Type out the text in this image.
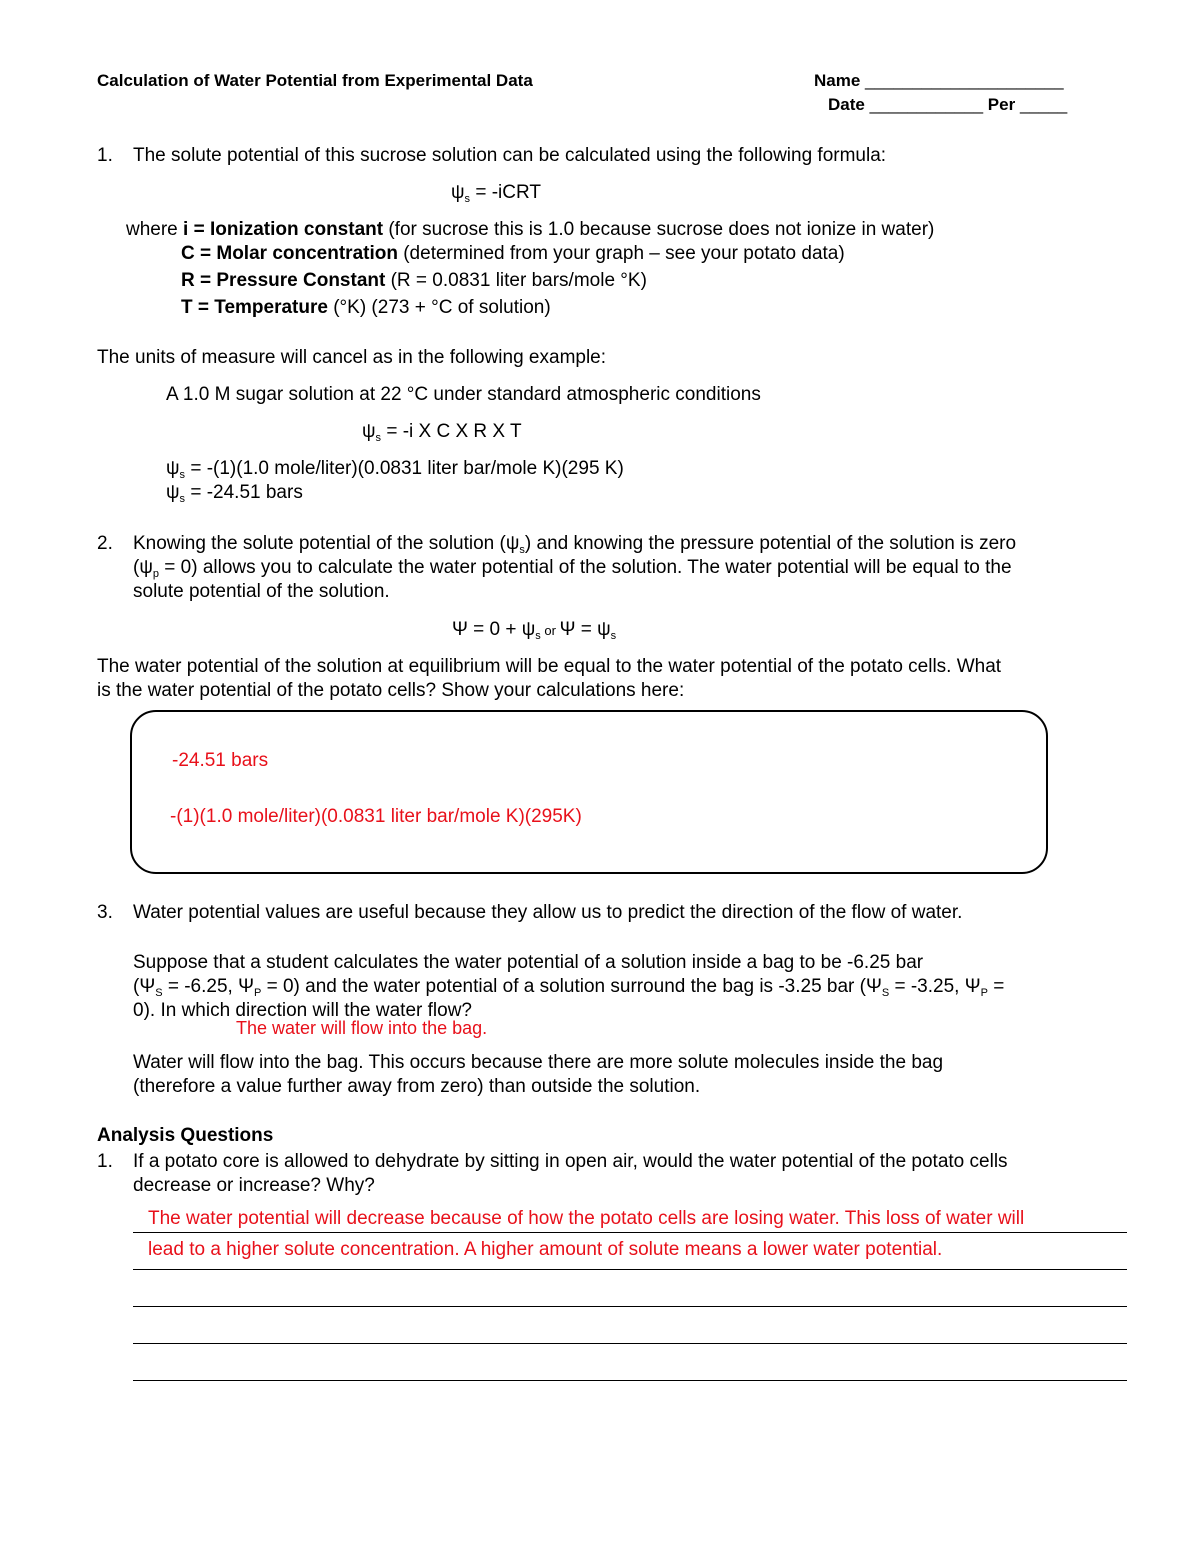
Calculation of Water Potential from Experimental Data	Name _____________________
Date ____________ Per _____
1. The solute potential of this sucrose solution can be calculated using the following formula:
$\psi_s$ = -iCRT
where i = Ionization constant (for sucrose this is 1.0 because sucrose does not ionize in water)
C = Molar concentration (determined from your graph – see your potato data)
R = Pressure Constant (R = 0.0831 liter bars/mole °K)
T = Temperature (°K) (273 + °C of solution)
The units of measure will cancel as in the following example:
A 1.0 M sugar solution at 22 °C under standard atmospheric conditions
$\psi_s = -i$ X C X R X T
$\psi_s = -(1)(1.0$ mole/liter)(0.0831 liter bar/mole K)(295 K)
$\psi_s = -24.51$ bars
2. Knowing the solute potential of the solution $(\psi_s)$ and knowing the pressure potential of the solution is zero
$(\psi_p = 0)$ allows you to calculate the water potential of the solution. The water potential will be equal to the
solute potential of the solution.
$\Psi = 0 + \psi_s$ or $\Psi = \psi_s$
The water potential of the solution at equilibrium will be equal to the water potential of the potato cells. What
is the water potential of the potato cells? Show your calculations here:
-24.51 bars
-(1)(1.0 mole/liter)(0.0831 liter bar/mole K)(295K)
3. Water potential values are useful because they allow us to predict the direction of the flow of water.
Suppose that a student calculates the water potential of a solution inside a bag to be -6.25 bar
($\Psi_S = -6.25$, $\Psi_P = 0$) and the water potential of a solution surround the bag is -3.25 bar ($\Psi_S = -3.25$, $\Psi_P$ =
0). In which direction will the water flow?
The water will flow into the bag.
Water will flow into the bag. This occurs because there are more solute molecules inside the bag
(therefore a value further away from zero) than outside the solution.
Analysis Questions
1. If a potato core is allowed to dehydrate by sitting in open air, would the water potential of the potato cells
decrease or increase? Why?
The water potential will decrease because of how the potato cells are losing water. This loss of water will
lead to a higher solute concentration. A higher amount of solute means a lower water potential.
